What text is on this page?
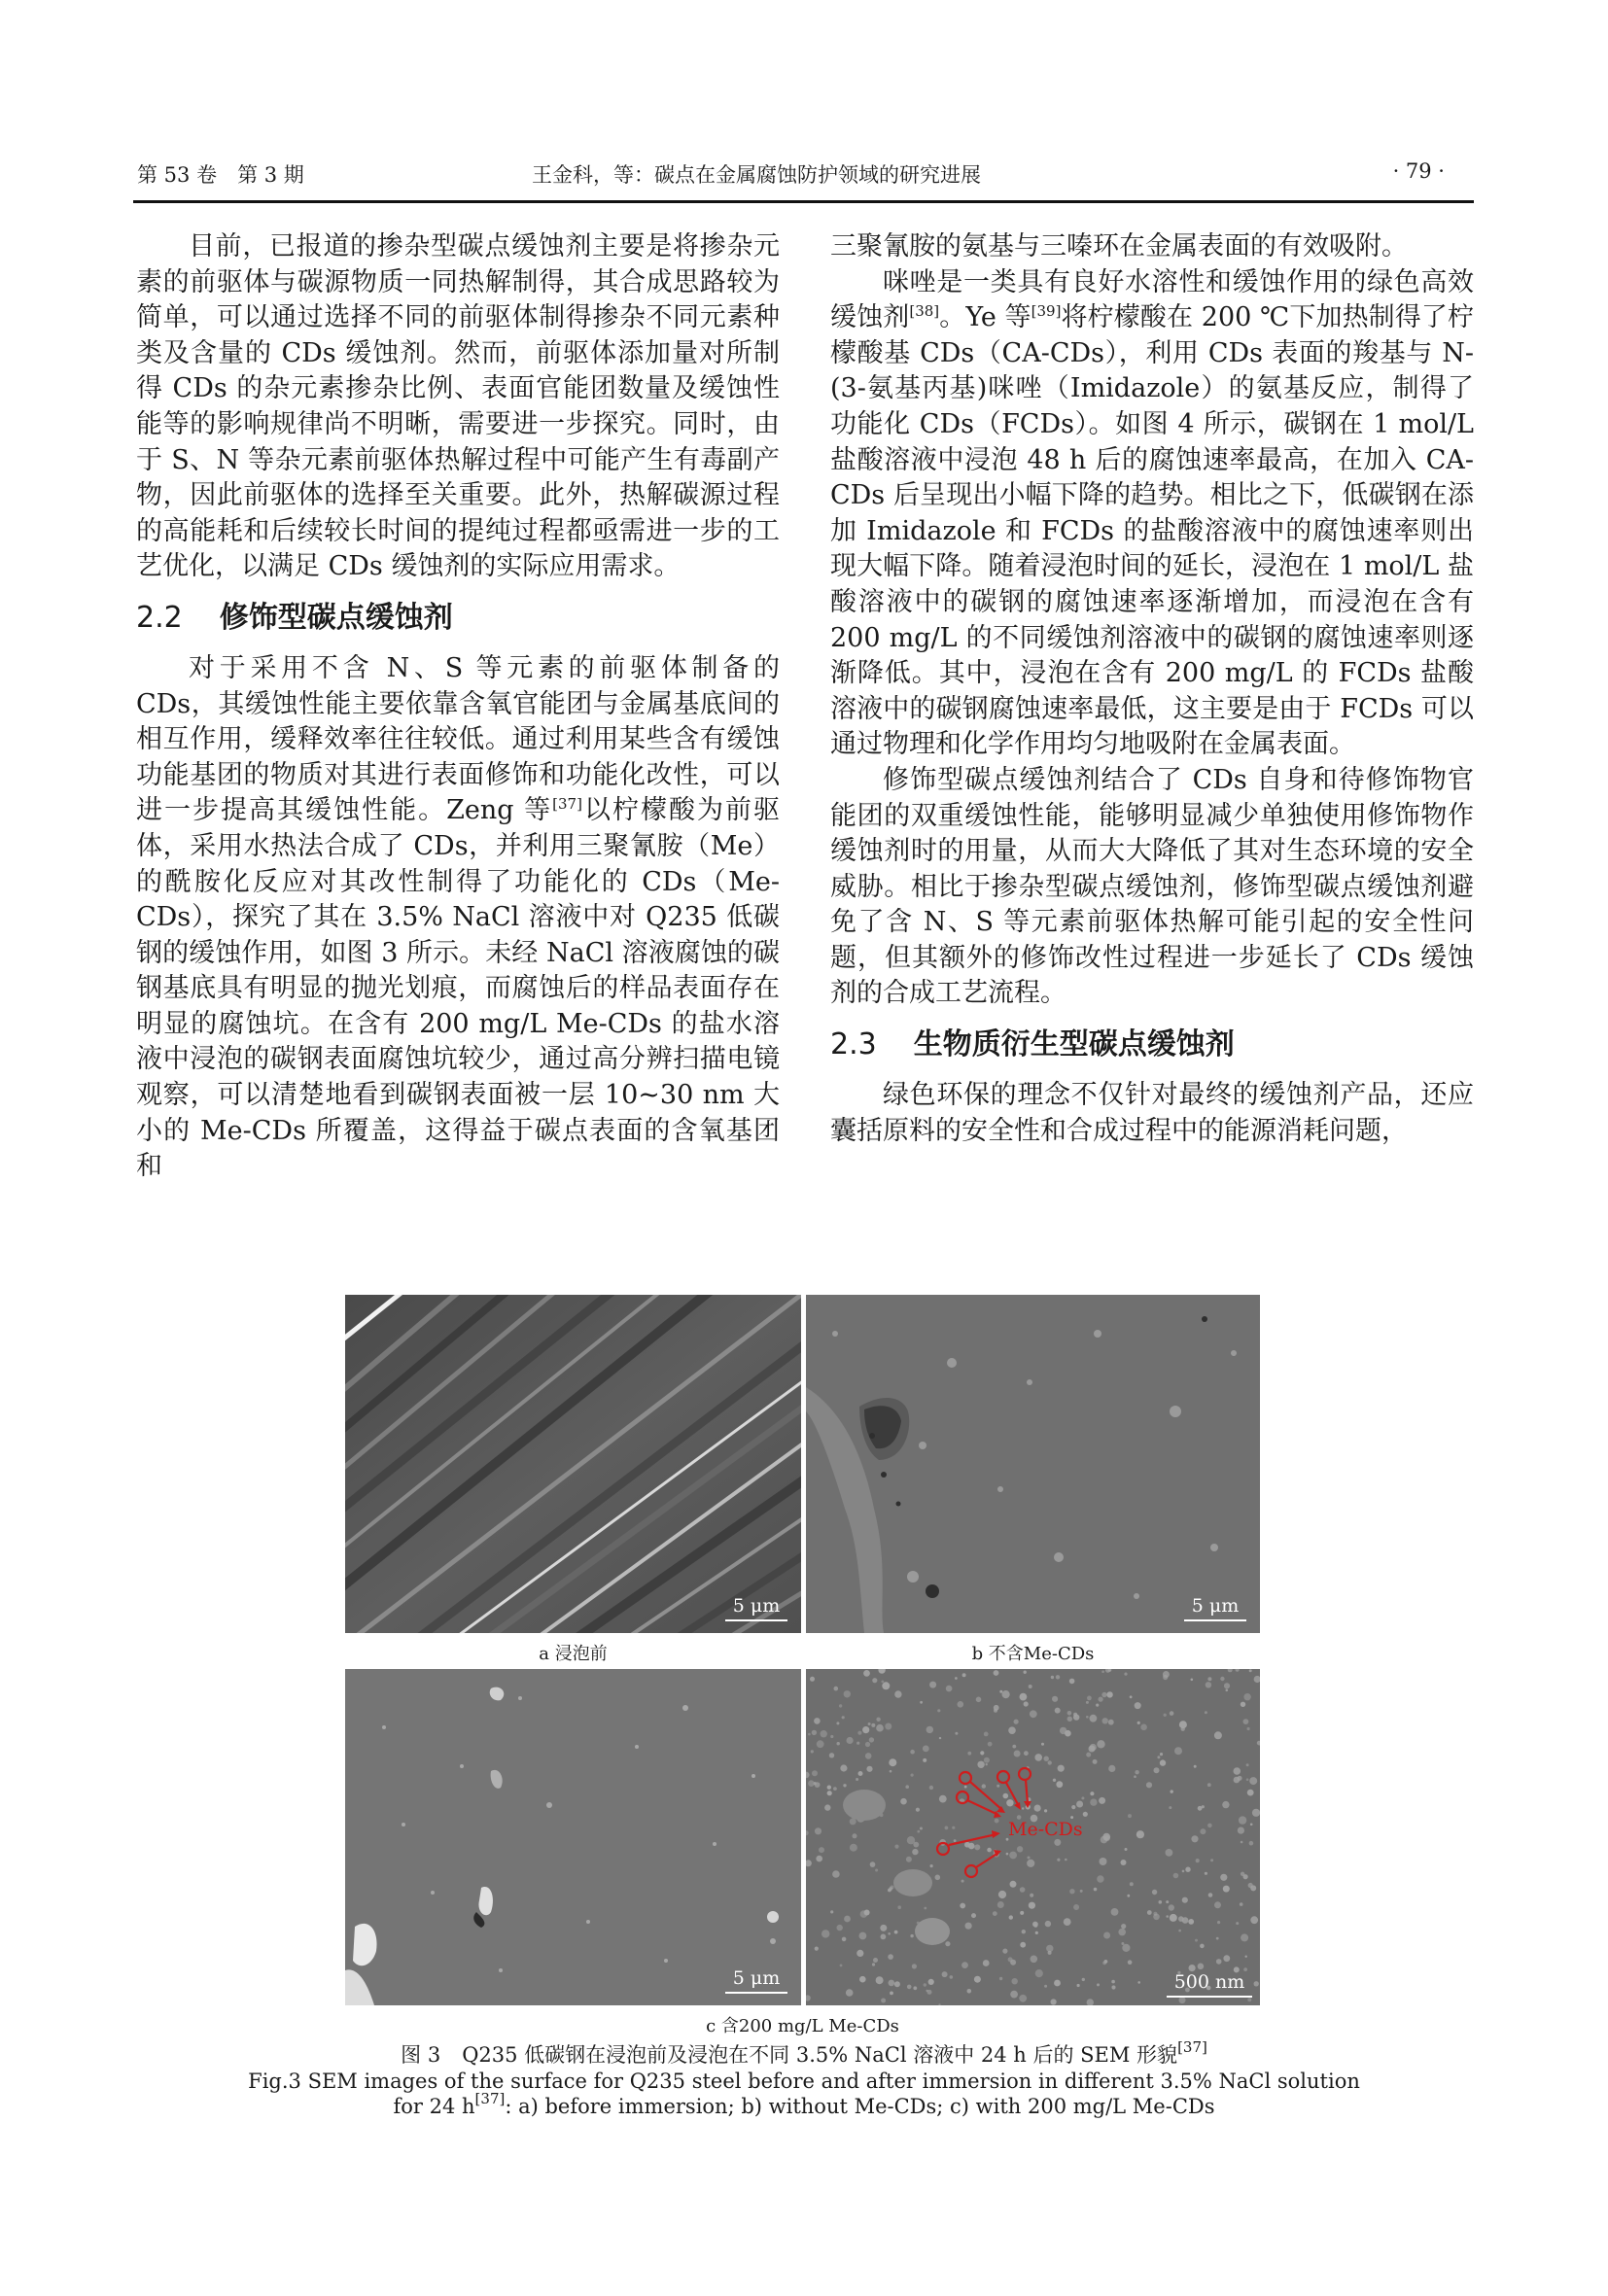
第 53 卷　第 3 期	王金科，等：碳点在金属腐蚀防护领域的研究进展	· 79 ·

目前，已报道的掺杂型碳点缓蚀剂主要是将掺杂元素的前驱体与碳源物质一同热解制得，其合成思路较为简单，可以通过选择不同的前驱体制得掺杂不同元素种类及含量的 CDs 缓蚀剂。然而，前驱体添加量对所制得 CDs 的杂元素掺杂比例、表面官能团数量及缓蚀性能等的影响规律尚不明晰，需要进一步探究。同时，由于 S、N 等杂元素前驱体热解过程中可能产生有毒副产物，因此前驱体的选择至关重要。此外，热解碳源过程的高能耗和后续较长时间的提纯过程都亟需进一步的工艺优化，以满足 CDs 缓蚀剂的实际应用需求。

2.2 修饰型碳点缓蚀剂

对于采用不含 N、S 等元素的前驱体制备的 CDs，其缓蚀性能主要依靠含氧官能团与金属基底间的相互作用，缓释效率往往较低。通过利用某些含有缓蚀功能基团的物质对其进行表面修饰和功能化改性，可以进一步提高其缓蚀性能。Zeng 等[37]以柠檬酸为前驱体，采用水热法合成了 CDs，并利用三聚氰胺（Me）的酰胺化反应对其改性制得了功能化的 CDs（Me-CDs），探究了其在 3.5% NaCl 溶液中对 Q235 低碳钢的缓蚀作用，如图 3 所示。未经 NaCl 溶液腐蚀的碳钢基底具有明显的抛光划痕，而腐蚀后的样品表面存在明显的腐蚀坑。在含有 200 mg/L Me-CDs 的盐水溶液中浸泡的碳钢表面腐蚀坑较少，通过高分辨扫描电镜观察，可以清楚地看到碳钢表面被一层 10~30 nm 大小的 Me-CDs 所覆盖，这得益于碳点表面的含氧基团和

三聚氰胺的氨基与三嗪环在金属表面的有效吸附。

咪唑是一类具有良好水溶性和缓蚀作用的绿色高效缓蚀剂[38]。Ye 等[39]将柠檬酸在 200 ℃下加热制得了柠檬酸基 CDs（CA-CDs），利用 CDs 表面的羧基与 N-(3-氨基丙基)咪唑（Imidazole）的氨基反应，制得了功能化 CDs（FCDs）。如图 4 所示，碳钢在 1 mol/L 盐酸溶液中浸泡 48 h 后的腐蚀速率最高，在加入 CA-CDs 后呈现出小幅下降的趋势。相比之下，低碳钢在添加 Imidazole 和 FCDs 的盐酸溶液中的腐蚀速率则出现大幅下降。随着浸泡时间的延长，浸泡在 1 mol/L 盐酸溶液中的碳钢的腐蚀速率逐渐增加，而浸泡在含有 200 mg/L 的不同缓蚀剂溶液中的碳钢的腐蚀速率则逐渐降低。其中，浸泡在含有 200 mg/L 的 FCDs 盐酸溶液中的碳钢腐蚀速率最低，这主要是由于 FCDs 可以通过物理和化学作用均匀地吸附在金属表面。

修饰型碳点缓蚀剂结合了 CDs 自身和待修饰物官能团的双重缓蚀性能，能够明显减少单独使用修饰物作缓蚀剂时的用量，从而大大降低了其对生态环境的安全威胁。相比于掺杂型碳点缓蚀剂，修饰型碳点缓蚀剂避免了含 N、S 等元素前驱体热解可能引起的安全性问题，但其额外的修饰改性过程进一步延长了 CDs 缓蚀剂的合成工艺流程。

2.3 生物质衍生型碳点缓蚀剂

绿色环保的理念不仅针对最终的缓蚀剂产品，还应囊括原料的安全性和合成过程中的能源消耗问题，

5 μm	5 μm
a 浸泡前	b 不含Me-CDs
5 μm
Me-CDs
500 nm
c 含200 mg/L Me-CDs
图 3 Q235 低碳钢在浸泡前及浸泡在不同 3.5% NaCl 溶液中 24 h 后的 SEM 形貌[37]
Fig.3 SEM images of the surface for Q235 steel before and after immersion in different 3.5% NaCl solution
for 24 h[37]: a) before immersion; b) without Me-CDs; c) with 200 mg/L Me-CDs
